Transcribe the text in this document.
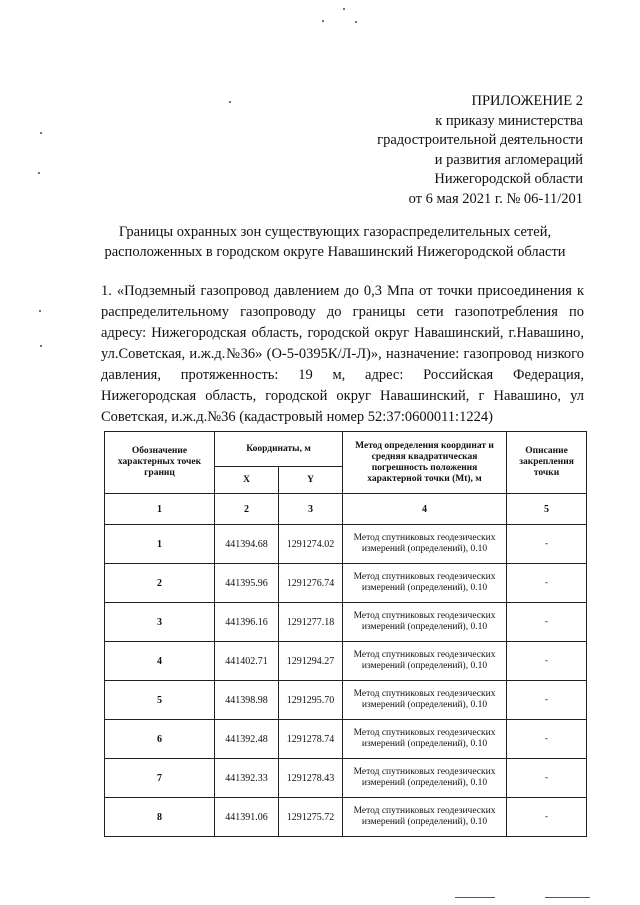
ПРИЛОЖЕНИЕ 2
к приказу министерства
градостроительной деятельности
и развития агломераций
Нижегородской области
от 6 мая 2021 г. № 06-11/201
Границы охранных зон существующих газораспределительных сетей,
расположенных в городском округе Навашинский Нижегородской области
1. «Подземный газопровод давлением до 0,3 Мпа от точки присоединения к распределительному газопроводу до границы сети газопотребления по адресу: Нижегородская область, городской округ Навашинский, г.Навашино, ул.Советская, и.ж.д.№36» (О-5-0395К/Л-Л)», назначение: газопровод низкого давления, протяженность: 19 м, адрес: Российская Федерация, Нижегородская область, городской округ Навашинский, г Навашино, ул Советская, и.ж.д.№36 (кадастровый номер 52:37:0600011:1224)
Обозначение характерных точек границ	Координаты, м		Метод определения координат и средняя квадратическая погрешность положения характерной точки (Mt), м	Описание закрепления точки
	X	Y		
1	2	3	4	5
1	441394.68	1291274.02	Метод спутниковых геодезических измерений (определений), 0.10	-
2	441395.96	1291276.74	Метод спутниковых геодезических измерений (определений), 0.10	-
3	441396.16	1291277.18	Метод спутниковых геодезических измерений (определений), 0.10	-
4	441402.71	1291294.27	Метод спутниковых геодезических измерений (определений), 0.10	-
5	441398.98	1291295.70	Метод спутниковых геодезических измерений (определений), 0.10	-
6	441392.48	1291278.74	Метод спутниковых геодезических измерений (определений), 0.10	-
7	441392.33	1291278.43	Метод спутниковых геодезических измерений (определений), 0.10	-
8	441391.06	1291275.72	Метод спутниковых геодезических измерений (определений), 0.10	-
